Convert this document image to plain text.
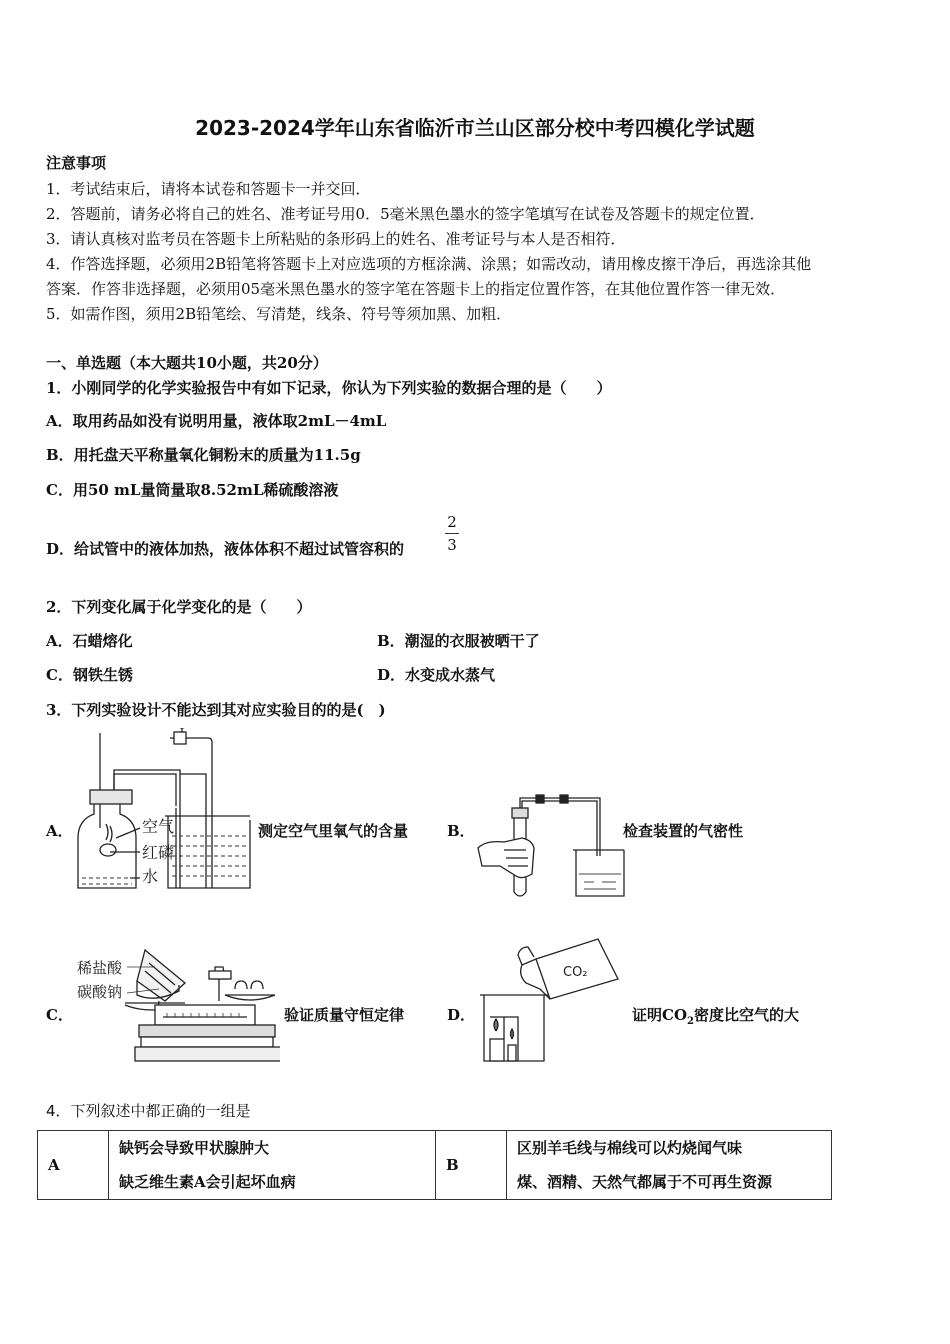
2023-2024学年山东省临沂市兰山区部分校中考四模化学试题
注意事项
1．考试结束后，请将本试卷和答题卡一并交回．
2．答题前，请务必将自己的姓名、准考证号用0．5毫米黑色墨水的签字笔填写在试卷及答题卡的规定位置．
3．请认真核对监考员在答题卡上所粘贴的条形码上的姓名、准考证号与本人是否相符．
4．作答选择题，必须用2B铅笔将答题卡上对应选项的方框涂满、涂黑；如需改动，请用橡皮擦干净后，再选涂其他
答案．作答非选择题，必须用05毫米黑色墨水的签字笔在答题卡上的指定位置作答，在其他位置作答一律无效．
5．如需作图，须用2B铅笔绘、写清楚，线条、符号等须加黑、加粗．
一、单选题（本大题共10小题，共20分）
1．小刚同学的化学实验报告中有如下记录，你认为下列实验的数据合理的是（　　）
A．取用药品如没有说明用量，液体取2mL－4mL
B．用托盘天平称量氧化铜粉末的质量为11.5g
C．用50 mL量筒量取8.52mL稀硫酸溶液
D．给试管中的液体加热，液体体积不超过试管容积的
2
3
2．下列变化属于化学变化的是（　　）
A．石蜡熔化	B．潮湿的衣服被晒干了
C．钢铁生锈	D．水变成水蒸气
3．下列实验设计不能达到其对应实验目的的是(　)
A．	空气
红磷
水
测定空气里氧气的含量	B．	检查装置的气密性
C．
稀盐酸
碳酸钠
验证质量守恒定律	D．
CO₂
证明$CO_2$密度比空气的大
4．下列叙述中都正确的一组是
A	
缺钙会导致甲状腺肿大
缺乏维生素A会引起坏血病
	B	
区别羊毛线与棉线可以灼烧闻气味
煤、酒精、天然气都属于不可再生资源
